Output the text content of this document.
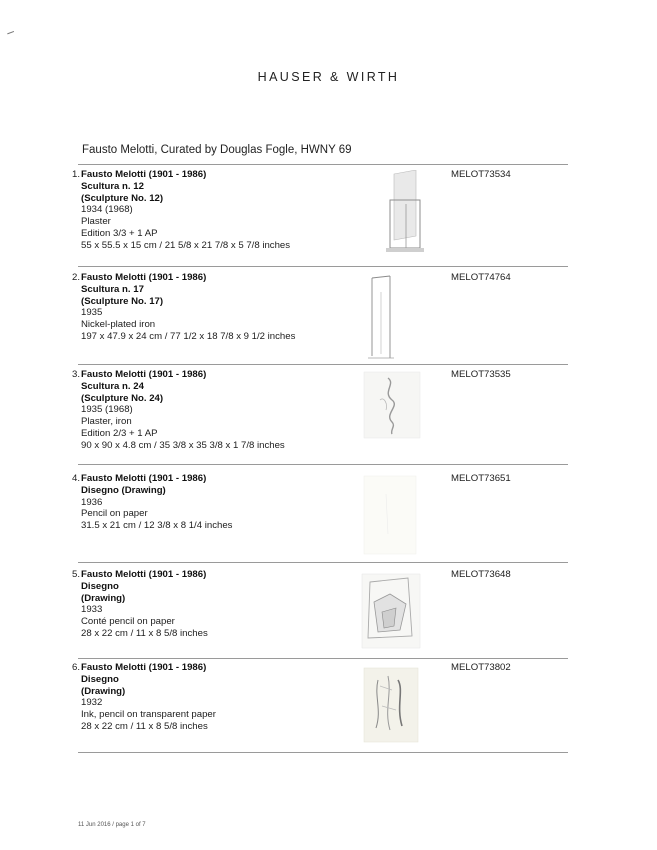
HAUSER & WIRTH
Fausto Melotti, Curated by Douglas Fogle, HWNY 69
1. Fausto Melotti (1901 - 1986)
Scultura n. 12
(Sculpture No. 12)
1934 (1968)
Plaster
Edition 3/3 + 1 AP
55 x 55.5 x 15 cm / 21 5/8 x 21 7/8 x 5 7/8 inches
MELOT73534
2. Fausto Melotti (1901 - 1986)
Scultura n. 17
(Sculpture No. 17)
1935
Nickel-plated iron
197 x 47.9 x 24 cm / 77 1/2 x 18 7/8 x 9 1/2 inches
MELOT74764
3. Fausto Melotti (1901 - 1986)
Scultura n. 24
(Sculpture No. 24)
1935 (1968)
Plaster, iron
Edition 2/3 + 1 AP
90 x 90 x 4.8 cm / 35 3/8 x 35 3/8 x 1 7/8 inches
MELOT73535
4. Fausto Melotti (1901 - 1986)
Disegno (Drawing)
1936
Pencil on paper
31.5 x 21 cm / 12 3/8 x 8 1/4 inches
MELOT73651
5. Fausto Melotti (1901 - 1986)
Disegno
(Drawing)
1933
Conté pencil on paper
28 x 22 cm / 11 x 8 5/8 inches
MELOT73648
6. Fausto Melotti (1901 - 1986)
Disegno
(Drawing)
1932
Ink, pencil on transparent paper
28 x 22 cm / 11 x 8 5/8 inches
MELOT73802
11 Jun 2016 / page 1 of 7
